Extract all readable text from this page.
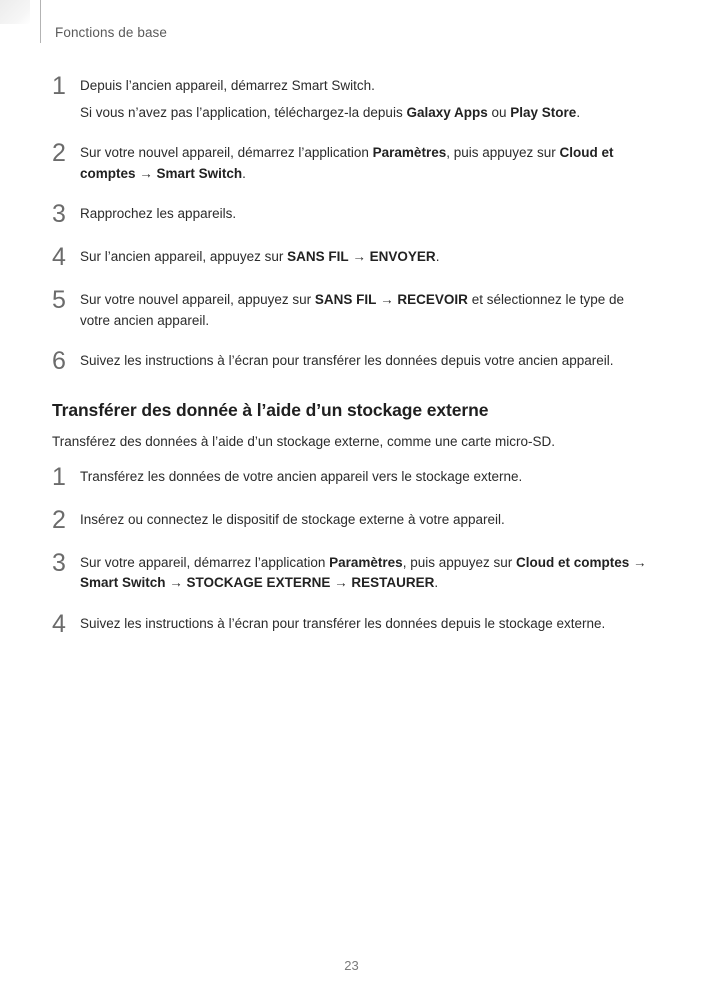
Fonctions de base
1	Depuis l’ancien appareil, démarrez Smart Switch.

Si vous n’avez pas l’application, téléchargez-la depuis Galaxy Apps ou Play Store.

2	Sur votre nouvel appareil, démarrez l’application Paramètres, puis appuyez sur Cloud et comptes → Smart Switch.

3	Rapprochez les appareils.

4	Sur l’ancien appareil, appuyez sur SANS FIL → ENVOYER.

5	Sur votre nouvel appareil, appuyez sur SANS FIL → RECEVOIR et sélectionnez le type de votre ancien appareil.

6	Suivez les instructions à l’écran pour transférer les données depuis votre ancien appareil.

Transférer des donnée à l’aide d’un stockage externe

Transférez des données à l’aide d’un stockage externe, comme une carte micro-SD.

1	Transférez les données de votre ancien appareil vers le stockage externe.

2	Insérez ou connectez le dispositif de stockage externe à votre appareil.

3	Sur votre appareil, démarrez l’application Paramètres, puis appuyez sur Cloud et comptes → Smart Switch → STOCKAGE EXTERNE → RESTAURER.

4	Suivez les instructions à l’écran pour transférer les données depuis le stockage externe.

23
